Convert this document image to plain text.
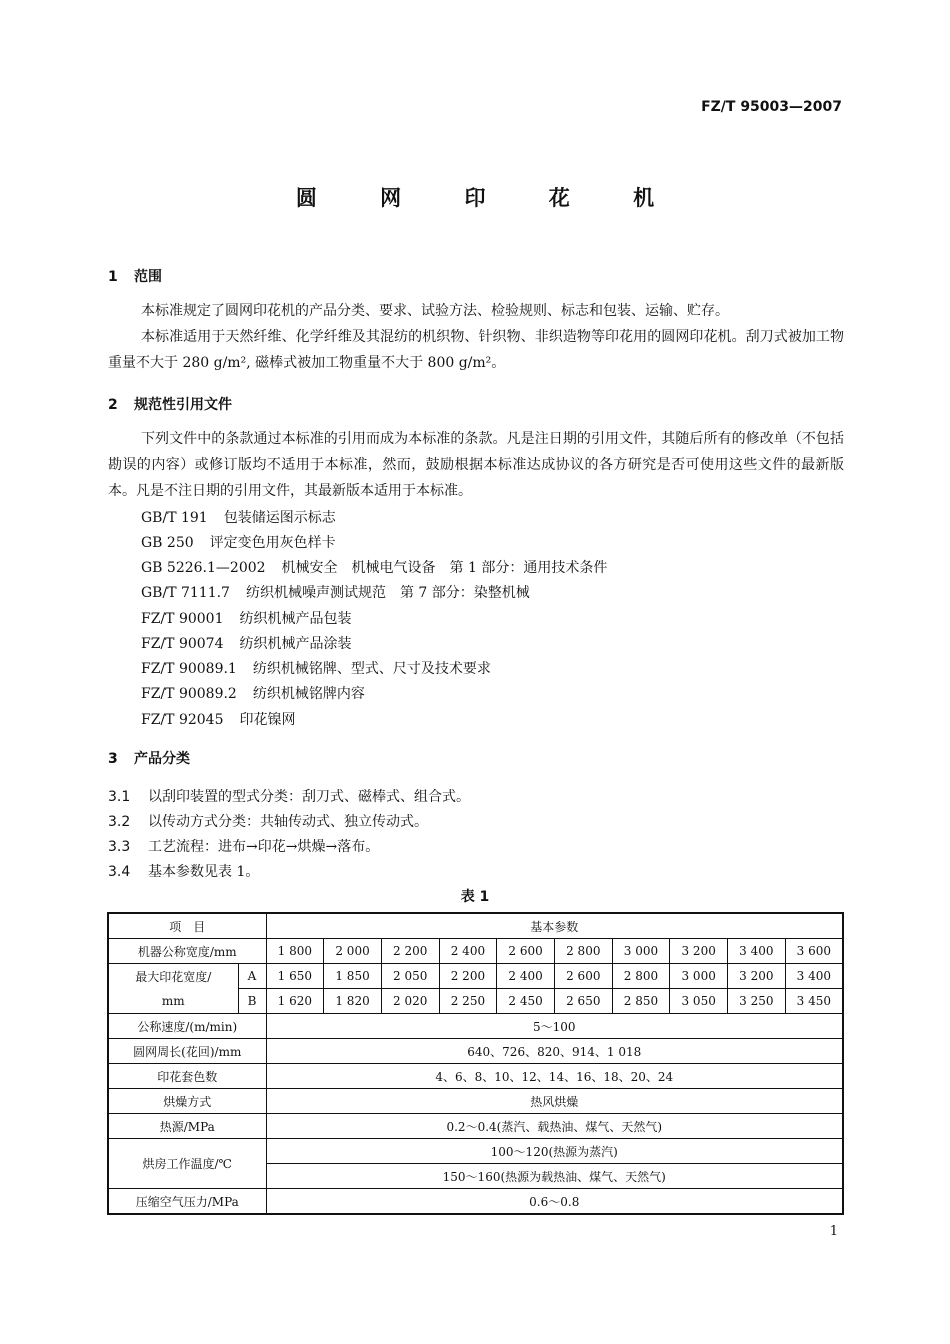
FZ/T 95003—2007
圆 网 印 花 机
1 范围
本标准规定了圆网印花机的产品分类、要求、试验方法、检验规则、标志和包装、运输、贮存。
本标准适用于天然纤维、化学纤维及其混纺的机织物、针织物、非织造物等印花用的圆网印花机。刮刀式被加工物重量不大于 280 g/m², 磁棒式被加工物重量不大于 800 g/m²。
2 规范性引用文件
下列文件中的条款通过本标准的引用而成为本标准的条款。凡是注日期的引用文件，其随后所有的修改单（不包括勘误的内容）或修订版均不适用于本标准，然而，鼓励根据本标准达成协议的各方研究是否可使用这些文件的最新版本。凡是不注日期的引用文件，其最新版本适用于本标准。
GB/T 191 包装储运图示标志
GB 250 评定变色用灰色样卡
GB 5226.1—2002 机械安全　机械电气设备　第 1 部分：通用技术条件
GB/T 7111.7 纺织机械噪声测试规范　第 7 部分：染整机械
FZ/T 90001 纺织机械产品包装
FZ/T 90074 纺织机械产品涂装
FZ/T 90089.1 纺织机械铭牌、型式、尺寸及技术要求
FZ/T 90089.2 纺织机械铭牌内容
FZ/T 92045 印花镍网
3 产品分类
3.1 以刮印装置的型式分类：刮刀式、磁棒式、组合式。
3.2 以传动方式分类：共轴传动式、独立传动式。
3.3 工艺流程：进布→印花→烘燥→落布。
3.4 基本参数见表 1。
表 1
项　目		基本参数									
机器公称宽度/mm		1 800	2 000	2 200	2 400	2 600	2 800	3 000	3 200	3 400	3 600

最大印花宽度/
mm	A	1 650	1 850	2 050	2 200	2 400	2 600	2 800	3 000	3 200	3 400
	B	1 620	1 820	2 020	2 250	2 450	2 650	2 850	3 050	3 250	3 450
公称速度/(m/min)		5～100									
圆网周长(花回)/mm		640、726、820、914、1 018									
印花套色数		4、6、8、10、12、14、16、18、20、24									
烘燥方式		热风烘燥									
热源/MPa		0.2～0.4(蒸汽、载热油、煤气、天然气)									
烘房工作温度/℃		100～120(热源为蒸汽)									
		150～160(热源为载热油、煤气、天然气)									
压缩空气压力/MPa		0.6～0.8									
1
